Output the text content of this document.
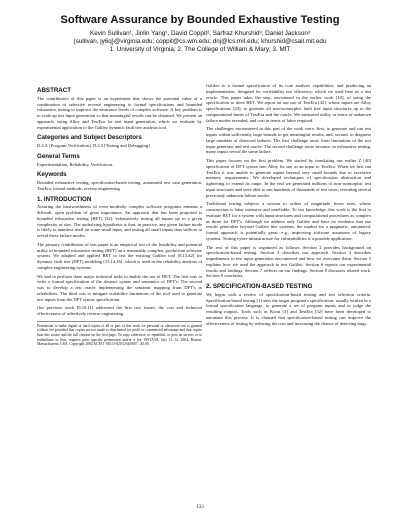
Software Assurance by Bounded Exhaustive Testing
Kevin Sullivan¹, Jinlin Yang¹, David Coppit², Sarfraz Khurshid³, Daniel Jackson³
{sullivan, jy6q}@virginia.edu; coppit@cs.wm.edu; dnj@lcs.mit.edu; khurshid@csail.mit.edu
1. University of Virginia; 2. The College of William & Mary; 3. MIT
ABSTRACT

The contribution of this paper is an experiment that shows the potential value of a combination of selective reverse engineering to formal specifications and bounded exhaustive testing to improve the assurance levels of complex software. A key problem is to scale up test input generation so that meaningful results can be obtained. We present an approach, using Alloy and TestEra for test input generation, which we evaluate by experimental application to the Galileo dynamic fault tree analysis tool.

Categories and Subject Descriptors

D.2.4. [Program Verification]; D.2.5 [Testing and Debugging].

General Terms

Experimentation, Reliability, Verification.

Keywords

Bounded exhaustive testing, specification-based testing, automated test case generation, TestEra, formal methods, reverse engineering

1. INTRODUCTION

Assuring the trustworthiness of even modestly complex software programs remains a difficult, open problem of great importance. An approach that has been proposed is bounded exhaustive testing (BET) [32]: exhaustively testing all inputs up to a given complexity or size. The underlying hypothesis is that, in practice, any given failure mode is likely to manifest itself on some small input, and testing all small inputs thus suffices to reveal these failure modes.

The primary contribution of this paper is an empirical test of the feasibility and potential utility of bounded exhaustive testing (BET) on a reasonably complex, production software system. We adapted and applied BET to test the existing Galileo tool [8,13,42] for dynamic fault tree (DFT) modeling [13,14,16], which is used in the reliability analysis of complex engineering systems.

We had to perform three major technical tasks to enable the use of BET. The first was to write a formal specification of the abstract syntax and semantics of DFT's. The second was to develop a test oracle implementing the semantic mapping from DFT's to reliabilities. The third was to mitigate scalability limitations of the tool used to generate test inputs from the DFT syntax specification.

Our previous work [9,10,11] addressed the first two issues: the cost and technical effectiveness of selectively reverse engineering

Permission to make digital or hard copies of all or part of this work for personal or classroom use is granted without fee provided that copies are not made or distributed for profit or commercial advantage and that copies bear this notice and the full citation on the first page. To copy otherwise, or republish, to post on servers or to redistribute to lists, requires prior specific permission and/or a fee. ISSTA'04, July 11–14, 2004, Boston, Massachusetts, USA. Copyright 2004 ACM 1-58113-820-2/04/0007...$5.00.

Galileo to a formal specification of its core analysis capabilities, and producing an implementation, designed for verifiability not efficiency, which we used here as a test oracle. This paper takes the step, envisioned in the earlier work [10], of using the specification to drive BET. We report on our use of TestEra [32], whose inputs are Alloy specifications [23], to generate all non-isomorphic fault tree input structures up to the computational limits of TestEra and the oracle. We measured utility in terms of unknown failure modes revealed, and cost in terms of labor required.

The challenges encountered in this part of the work were, first, to generate and run test inputs within sufficiently large bounds to get meaningful results, and, second, to diagnose large numbers of observed failures. The first challenge arose from limitations of the test input generator and test oracle. The second challenge arose because, in exhaustive testing, many inputs reveal the same failure.

This paper focuses on the first problem. We started by translating our earlier Z [40] specification of DFT syntax into Alloy for use as an input to TestEra. When we first ran TestEra it was unable to generate inputs beyond very small bounds due to excessive memory requirements. We developed techniques of specification abstraction and tightening to extend its range. In the end we generated millions of non-isomorphic test input structures and were able to run hundreds of thousands of test cases, revealing several previously unknown failure modes.

Traditional testing subjects a system to orders of magnitude fewer tests, whose construction is labor intensive and unreliable. To our knowledge, this work is the first to evaluate BET for a system with input structures and computational procedures as complex as those for DFT's. Although we address only Galileo and have no evidence that our results generalize beyond Galileo like systems, the market for a pragmatic, automated, formal approach is potentially great, e.g., improving software assurance of legacy systems. Testing cyber-infrastructure for vulnerabilities is a possible application.

The rest of this paper is organized as follows. Section 2 provides background on specification-based testing. Section 3 describes our approach. Section 4 describes impediments to test input generation encountered and how we overcame them. Section 5 explains how we used the approach to test Galileo. Section 6 reports our experimental results and findings. Section 7 reflects on our findings. Section 8 discusses related work. Section 9 concludes.

2. SPECIFICATION-BASED TESTING

We begin with a review of specification-based testing and test selection criteria. Specification-based testing [1] uses the target program's specification, usually written in a formal specification language, to generate a set of program inputs and to judge the resulting outputs. Tools such as Korat [3] and TestEra [32] have been developed to automate this process. It is claimed that specification-based testing can improve the effectiveness of testing by reducing the cost and increasing the chance of detecting bugs.

133
